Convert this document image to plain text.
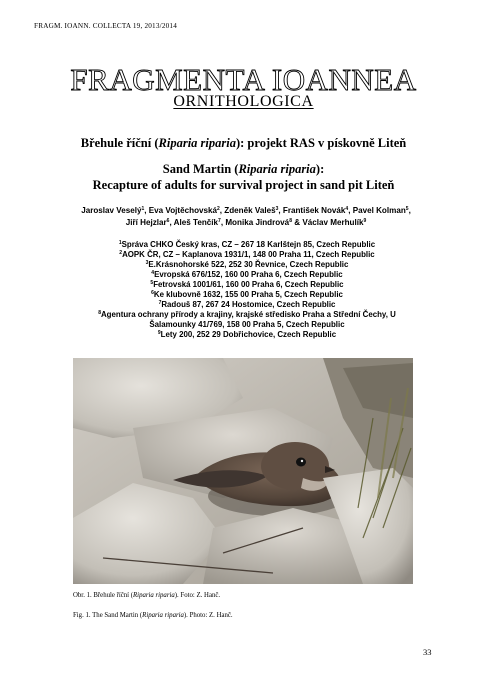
FRAGM. IOANN. COLLECTA 19, 2013/2014
FRAGMENTA IOANNEA
ORNITHOLOGICA
Břehule říční (Riparia riparia): projekt RAS v pískovně Liteň
Sand Martin (Riparia riparia):
Recapture of adults for survival project in sand pit Liteň
Jaroslav Veselý$^1$, Eva Vojtěchovská$^2$, Zdeněk Valeš$^3$, František Novák$^4$, Pavel Kolman$^5$,
Jiří Hejzlar$^6$, Aleš Tenčík$^7$, Monika Jindrová$^8$ & Václav Merhulík$^9$
$^1$Správa CHKO Český kras, CZ – 267 18 Karlštejn 85, Czech Republic
$^2$AOPK ČR, CZ – Kaplanova 1931/1, 148 00 Praha 11, Czech Republic
$^3$E.Krásnohorské 522, 252 30 Řevnice, Czech Republic
$^4$Evropská 676/152, 160 00 Praha 6, Czech Republic
$^5$Fetrovská 1001/61, 160 00 Praha 6, Czech Republic
$^6$Ke klubovně 1632, 155 00 Praha 5, Czech Republic
$^7$Radouš 87, 267 24 Hostomice, Czech Republic
$^8$Agentura ochrany přírody a krajiny, krajské středisko Praha a Střední Čechy, U
Šalamounky 41/769, 158 00 Praha 5, Czech Republic
$^9$Lety 200, 252 29 Dobřichovice, Czech Republic
Obr. 1. Břehule říční (Riparia riparia). Foto: Z. Hanč.
Fig. 1. The Sand Martin (Riparia riparia). Photo: Z. Hanč.
33
